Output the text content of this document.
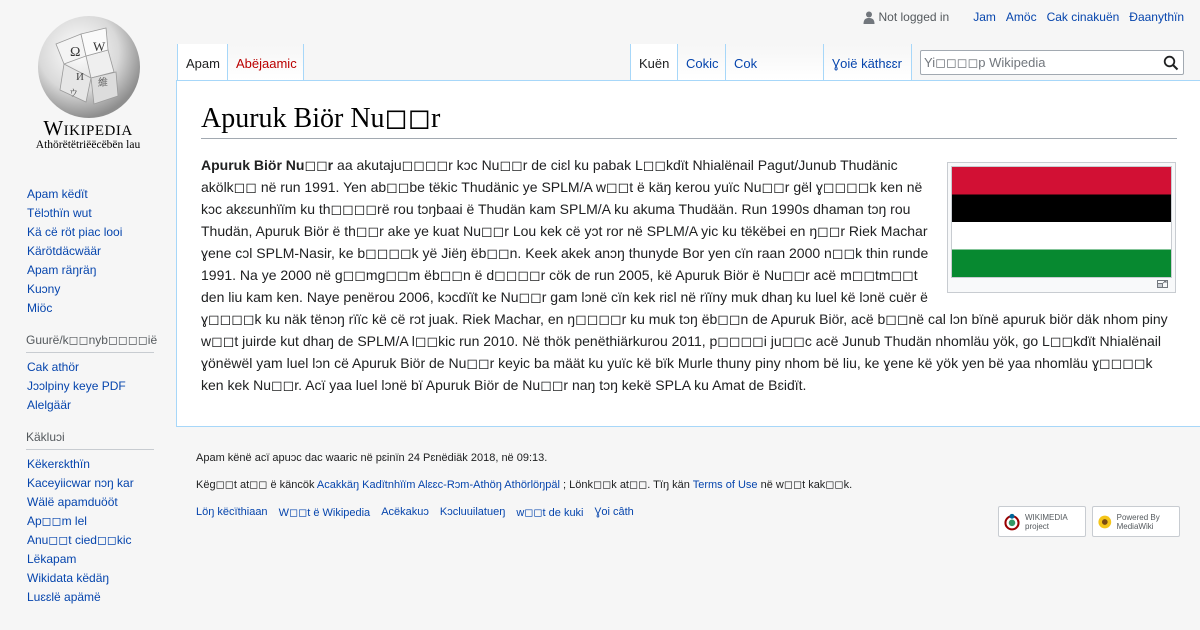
Ω W
И
維
ウ
Wikipedia
Athörëtëtriëëcëbën lau
Not logged in Jam Amöc Cak cinakuën Ɖaanythïn
Apam	Abëjaamic	Kuën	Cokic	Cok	Ɣoië käthɛɛr
Yi◻◻◻◻p Wikipedia
Apam këdït
Tëlɔthïn wut
Kä cë röt piac looi
Kärötdäcwäär
Apam räŋräŋ
Kuɔny
Miöc
Guurë/k◻◻nyb◻◻◻◻ië
Cak athör
Jɔɔlpiny keye PDF
Alelgäär
Käkluɔi
Këkerɛkthïn
Kaceyiicwar nɔŋ kar
Wälë apamduööt
Ap◻◻m lel
Anu◻◻t cied◻◻kic
Lëkapam
Wikidata këdäŋ
Luɛɛlë apämë
Apuruk Biör Nu◻◻r

Apuruk Biör Nu◻◻r aa akutaju◻◻◻◻r kɔc Nu◻◻r de ciɛl ku pabak L◻◻kdït Nhialënail Pagut/Junub Thudänic akölk◻◻ në run 1991. Yen ab◻◻be tëkic Thudänic ye SPLM/A w◻◻t ë käŋ kerou yuïc Nu◻◻r gël ɣ◻◻◻◻k ken në kɔc akɛɛunhïïm ku th◻◻◻◻rë rou tɔŋbaai ë Thudän kam SPLM/A ku akuma Thudään. Run 1990s dhaman tɔŋ rou Thudän, Apuruk Biör ë th◻◻r ake ye kuat Nu◻◻r Lou kek cë yɔt ror në SPLM/A yic ku tëkëbei en ŋ◻◻r Riek Machar ɣene cɔl SPLM-Nasir, ke b◻◻◻◻k yë Jiëŋ ëb◻◻n. Keek akek anɔŋ thunyde Bor yen cïn raan 2000 n◻◻k thin runde 1991. Na ye 2000 në g◻◻mg◻◻m ëb◻◻n ë d◻◻◻◻r cök de run 2005, kë Apuruk Biör ë Nu◻◻r acë m◻◻tm◻◻t den liu kam ken. Naye penërou 2006, kɔcdïït ke Nu◻◻r gam lɔnë cïn kek riɛl në rïïny muk dhaŋ ku luel kë lɔnë cuër ë ɣ◻◻◻◻k ku näk tënɔŋ rïïc kë cë rɔt juak. Riek Machar, en ŋ◻◻◻◻r ku muk tɔŋ ëb◻◻n de Apuruk Biör, acë b◻◻në cal lɔn bïnë apuruk biör däk nhom piny w◻◻t juirde kut dhaŋ de SPLM/A l◻◻kic run 2010. Në thök penëthiärkurou 2011, p◻◻◻◻i ju◻◻c acë Junub Thudän nhomläu yök, go L◻◻kdït Nhialënail ɣönëwël yam luel lɔn cë Apuruk Biör de Nu◻◻r keyic ba määt ku yuïc kë bïk Murle thuny piny nhom bë liu, ke ɣene kë yök yen bë yaa nhomläu ɣ◻◻◻◻k ken kek Nu◻◻r. Acï yaa luel lɔnë bï Apuruk Biör de Nu◻◻r naŋ tɔŋ kekë SPLA ku Amat de Bɛidït.

Apam kënë acï apuɔc dac waaric në pɛinïn 24 Pɛnëdiäk 2018, në 09:13.
Këg◻◻t at◻◻ ë käncök Acakkäŋ Kadïtnhïïm Alɛɛc-Rɔm-Athöŋ Athörlöŋpäl ; Lönk◻◻k at◻◻. Tïŋ kän Terms of Use në w◻◻t kak◻◻k.
Löŋ këcïthiaan W◻◻t ë Wikipedia Acëkakuɔ Kɔcluuilatueŋ w◻◻t de kuki Ɣoi câth	WIKIMEDIA project
Powered By MediaWiki
